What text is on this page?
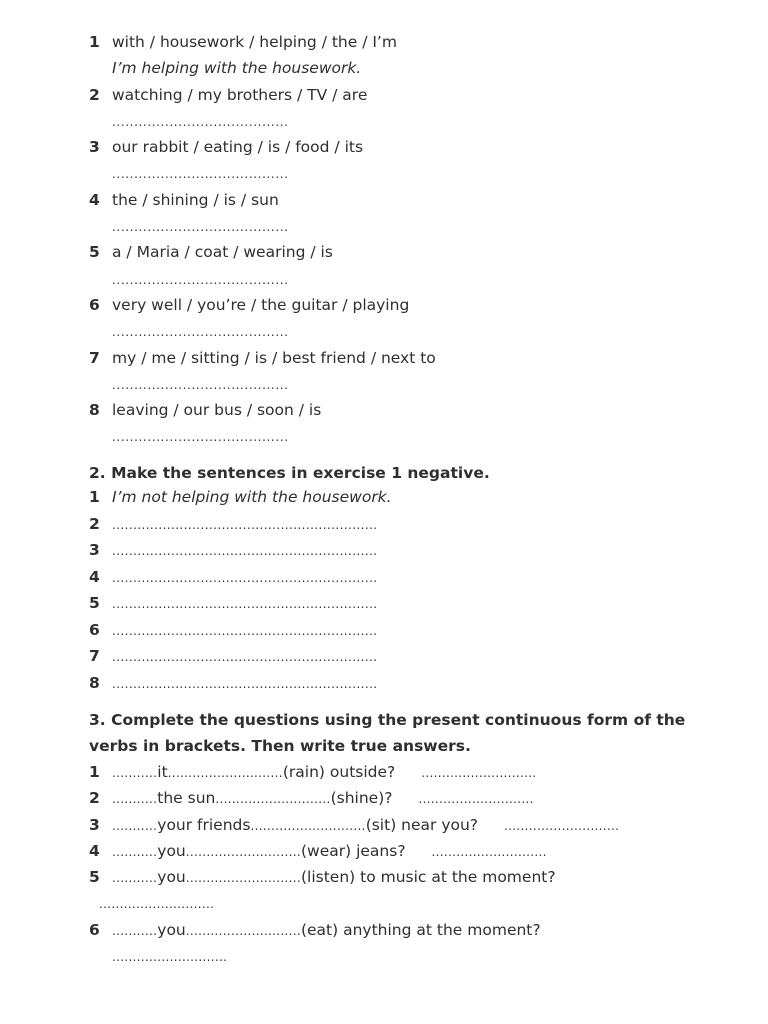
1 with / housework / helping / the / I’m
I’m helping with the housework.
2 watching / my brothers / TV / are
........................................
3 our rabbit / eating / is / food / its
........................................
4 the / shining / is / sun
........................................
5 a / Maria / coat / wearing / is
........................................
6 very well / you’re / the guitar / playing
........................................
7 my / me / sitting / is / best friend / next to
........................................
8 leaving / our bus / soon / is
........................................
2. Make the sentences in exercise 1 negative.
1 I’m not helping with the housework.
2	...............................................................
3	...............................................................
4	...............................................................
5	...............................................................
6	...............................................................
7	...............................................................
8	...............................................................
3. Complete the questions using the present continuous form of the
verbs in brackets. Then write true answers.
1	........... it ............................ (rain) outside? ............................
2	........... the sun ............................ (shine)? ............................
3	........... your friends ............................ (sit) near you? ............................
4	........... you ............................ (wear) jeans? ............................
5	........... you ............................ (listen) to music at the moment?
............................
6	........... you ............................ (eat) anything at the moment?
............................
